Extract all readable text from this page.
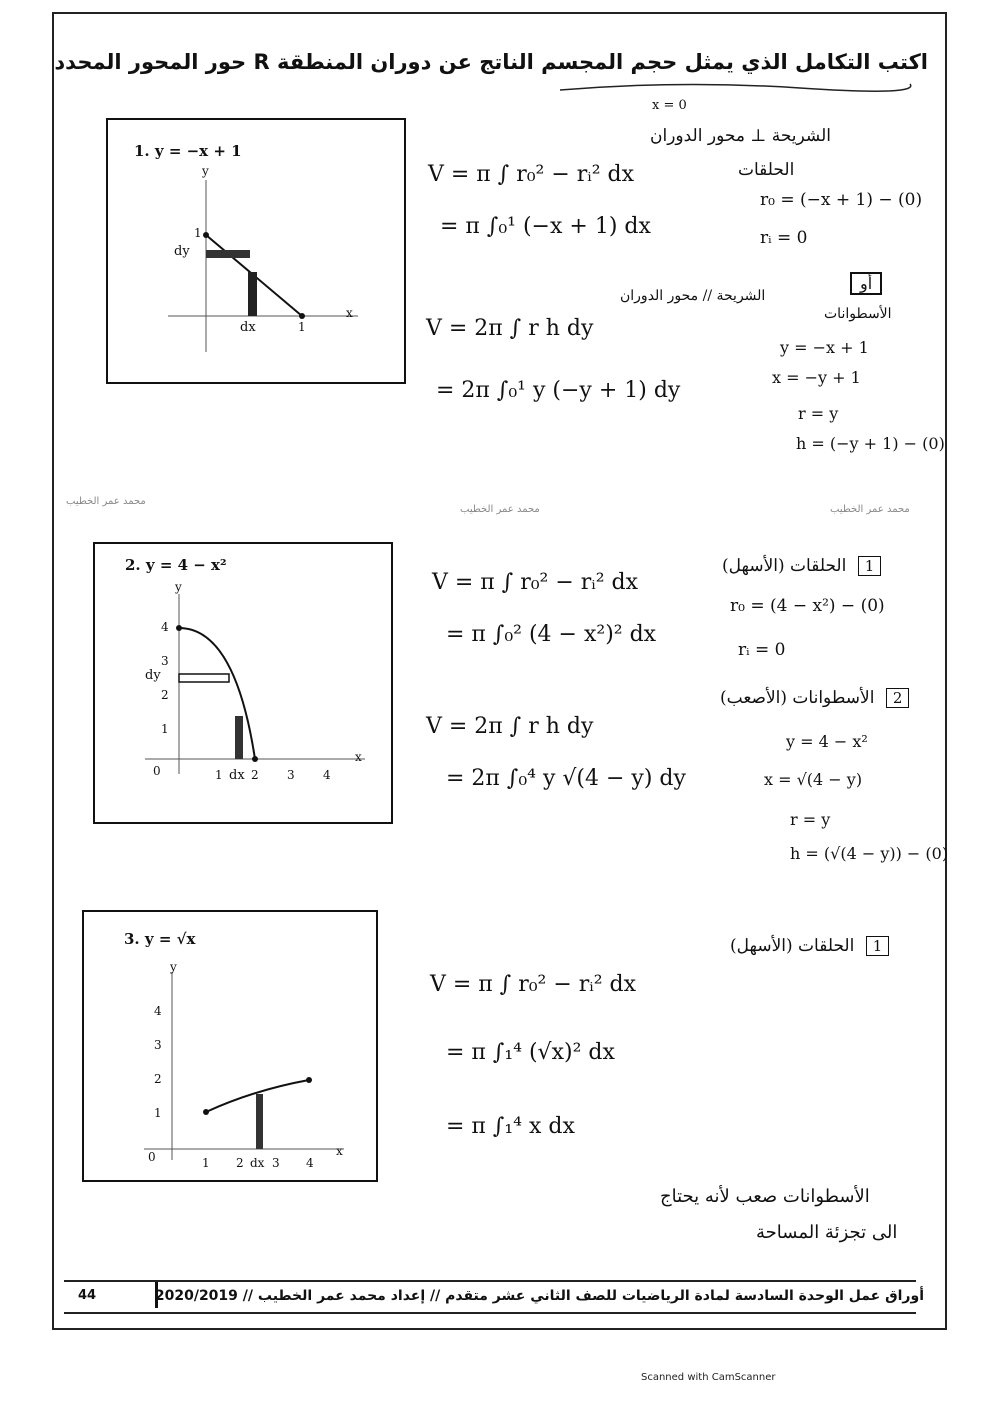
اكتب التكامل الذي يمثل حجم المجسم الناتج عن دوران المنطقة R حور المحور المحدد
x = 0
محمد عمر الخطيب
محمد عمر الخطيب	محمد عمر الخطيب
1. y = −x + 1
y
x
1
1
dy
dx
الشريحة ⊥ محور الدوران
الحلقات
V = π ∫ r₀² − rᵢ² dx
= π ∫₀¹ (−x + 1) dx
r₀ = (−x + 1) − (0)
rᵢ = 0
أو
الشريحة // محور الدوران
الأسطوانات
V = 2π ∫ r h dy
= 2π ∫₀¹ y (−y + 1) dy
y = −x + 1
x = −y + 1
r = y
h = (−y + 1) − (0)
2. y = 4 − x²
y
x
4
3
2
1
1 2 3 4
0
dy
dx
1 الحلقات (الأسهل)
V = π ∫ r₀² − rᵢ² dx
= π ∫₀² (4 − x²)² dx
r₀ = (4 − x²) − (0)
rᵢ = 0
2 الأسطوانات (الأصعب)
V = 2π ∫ r h dy
= 2π ∫₀⁴ y √(4 − y) dy
y = 4 − x²
x = √(4 − y)
r = y
h = (√(4 − y)) − (0)
3. y = √x
y
x
4
3
2
1
1 2 3 4
0	dx
1 الحلقات (الأسهل)
V = π ∫ r₀² − rᵢ² dx
= π ∫₁⁴ (√x)² dx
= π ∫₁⁴ x dx
الأسطوانات صعب لأنه يحتاج
الى تجزئة المساحة
44	أوراق عمل الوحدة السادسة لمادة الرياضيات للصف الثاني عشر متقدم // إعداد محمد عمر الخطيب // 2020/2019
Scanned with CamScanner
